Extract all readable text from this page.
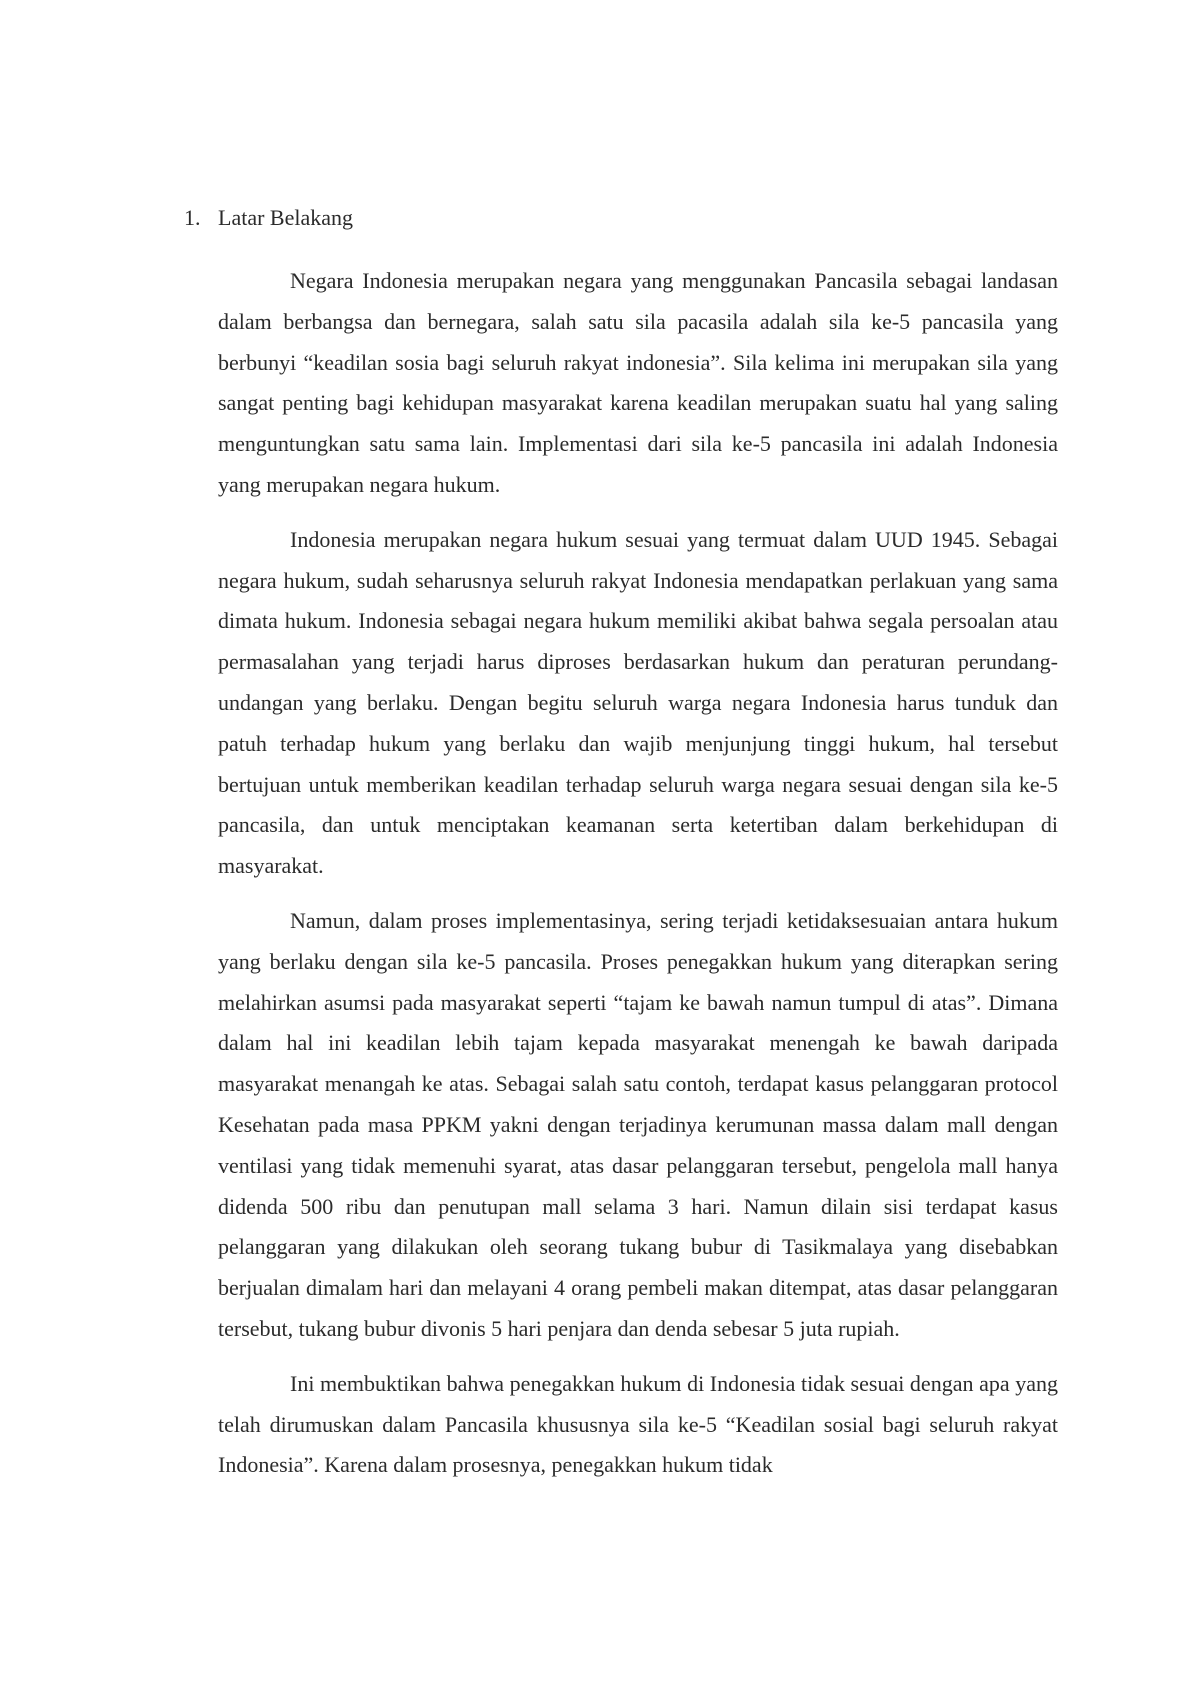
1. Latar Belakang

Negara Indonesia merupakan negara yang menggunakan Pancasila sebagai landasan dalam berbangsa dan bernegara, salah satu sila pacasila adalah sila ke-5 pancasila yang berbunyi “keadilan sosia bagi seluruh rakyat indonesia”. Sila kelima ini merupakan sila yang sangat penting bagi kehidupan masyarakat karena keadilan merupakan suatu hal yang saling menguntungkan satu sama lain. Implementasi dari sila ke-5 pancasila ini adalah Indonesia yang merupakan negara hukum.

Indonesia merupakan negara hukum sesuai yang termuat dalam UUD 1945. Sebagai negara hukum, sudah seharusnya seluruh rakyat Indonesia mendapatkan perlakuan yang sama dimata hukum. Indonesia sebagai negara hukum memiliki akibat bahwa segala persoalan atau permasalahan yang terjadi harus diproses berdasarkan hukum dan peraturan perundang-undangan yang berlaku. Dengan begitu seluruh warga negara Indonesia harus tunduk dan patuh terhadap hukum yang berlaku dan wajib menjunjung tinggi hukum, hal tersebut bertujuan untuk memberikan keadilan terhadap seluruh warga negara sesuai dengan sila ke-5 pancasila, dan untuk menciptakan keamanan serta ketertiban dalam berkehidupan di masyarakat.

Namun, dalam proses implementasinya, sering terjadi ketidaksesuaian antara hukum yang berlaku dengan sila ke-5 pancasila. Proses penegakkan hukum yang diterapkan sering melahirkan asumsi pada masyarakat seperti “tajam ke bawah namun tumpul di atas”. Dimana dalam hal ini keadilan lebih tajam kepada masyarakat menengah ke bawah daripada masyarakat menangah ke atas. Sebagai salah satu contoh, terdapat kasus pelanggaran protocol Kesehatan pada masa PPKM yakni dengan terjadinya kerumunan massa dalam mall dengan ventilasi yang tidak memenuhi syarat, atas dasar pelanggaran tersebut, pengelola mall hanya didenda 500 ribu dan penutupan mall selama 3 hari. Namun dilain sisi terdapat kasus pelanggaran yang dilakukan oleh seorang tukang bubur di Tasikmalaya yang disebabkan berjualan dimalam hari dan melayani 4 orang pembeli makan ditempat, atas dasar pelanggaran tersebut, tukang bubur divonis 5 hari penjara dan denda sebesar 5 juta rupiah.

Ini membuktikan bahwa penegakkan hukum di Indonesia tidak sesuai dengan apa yang telah dirumuskan dalam Pancasila khususnya sila ke-5 “Keadilan sosial bagi seluruh rakyat Indonesia”. Karena dalam prosesnya, penegakkan hukum tidak
